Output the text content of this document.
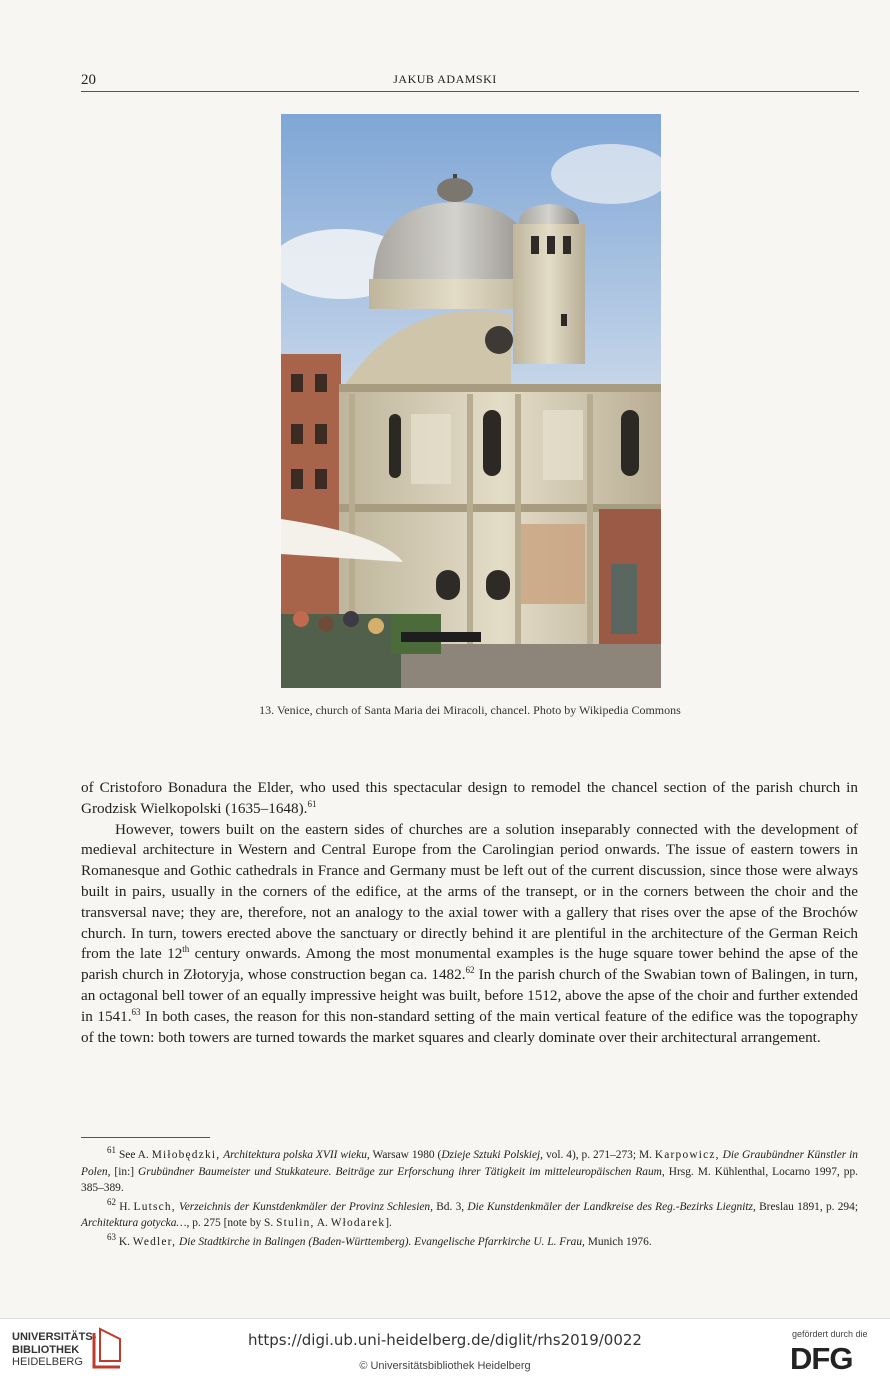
20	JAKUB ADAMSKI
13. Venice, church of Santa Maria dei Miracoli, chancel. Photo by Wikipedia Commons

of Cristoforo Bonadura the Elder, who used this spectacular design to remodel the chancel section of the parish church in Grodzisk Wielkopolski (1635–1648).$^{61}$

However, towers built on the eastern sides of churches are a solution inseparably connected with the development of medieval architecture in Western and Central Europe from the Carolingian period onwards. The issue of eastern towers in Romanesque and Gothic cathedrals in France and Germany must be left out of the current discussion, since those were always built in pairs, usually in the corners of the edifice, at the arms of the transept, or in the corners between the choir and the transversal nave; they are, therefore, not an analogy to the axial tower with a gallery that rises over the apse of the Brochów church. In turn, towers erected above the sanctuary or directly behind it are plentiful in the architecture of the German Reich from the late 12th century onwards. Among the most monumental examples is the huge square tower behind the apse of the parish church in Złotoryja, whose construction began ca. 1482.62 In the parish church of the Swabian town of Balingen, in turn, an octagonal bell tower of an equally impressive height was built, before 1512, above the apse of the choir and further extended in 1541.63 In both cases, the reason for this non-standard setting of the main vertical feature of the edifice was the topography of the town: both towers are turned towards the market squares and clearly dominate over their architectural arrangement.

$^{61}$ See A. Miłobędzki, Architektura polska XVII wieku, Warsaw 1980 (Dzieje Sztuki Polskiej, vol. 4), p. 271–273; M. Karpowicz, Die Graubündner Künstler in Polen, [in:] Grubündner Baumeister und Stukkateure. Beiträge zur Erforschung ihrer Tätigkeit im mitteleuropäischen Raum, Hrsg. M. Kühlenthal, Locarno 1997, pp. 385–389.

$^{62}$ H. Lutsch, Verzeichnis der Kunstdenkmäler der Provinz Schlesien, Bd. 3, Die Kunstdenkmäler der Landkreise des Reg.-Bezirks Liegnitz, Breslau 1891, p. 294; Architektura gotycka…, p. 275 [note by S. Stulin, A. Włodarek].

$^{63}$ K. Wedler, Die Stadtkirche in Balingen (Baden-Württemberg). Evangelische Pfarrkirche U. L. Frau, Munich 1976.

UNIVERSITÄTS-
BIBLIOTHEK
HEIDELBERG
https://digi.ub.uni-heidelberg.de/diglit/rhs2019/0022
© Universitätsbibliothek Heidelberg
gefördert durch die
DFG
